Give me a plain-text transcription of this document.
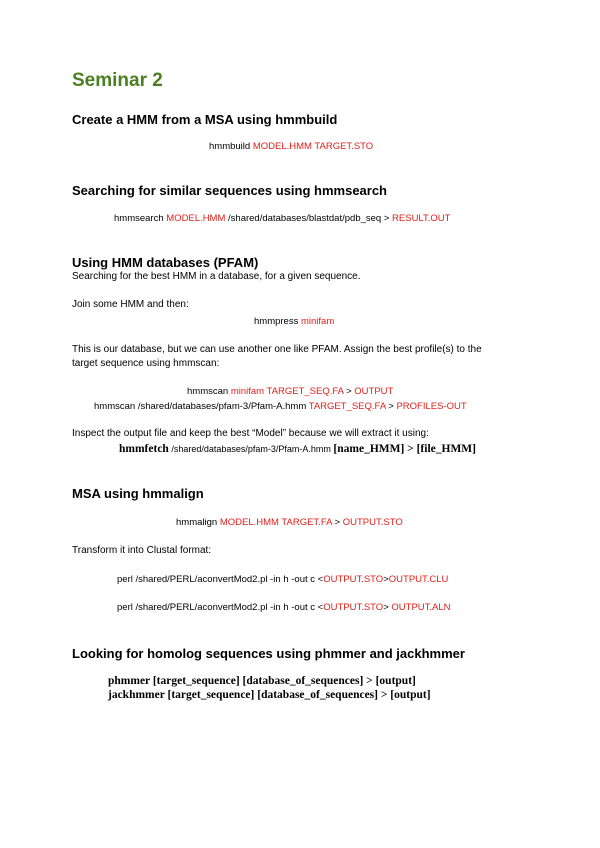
Seminar 2
Create a HMM from a MSA using hmmbuild
hmmbuild MODEL.HMM TARGET.STO
Searching for similar sequences using hmmsearch
hmmsearch MODEL.HMM /shared/databases/blastdat/pdb_seq > RESULT.OUT
Using HMM databases (PFAM)
Searching for the best HMM in a database, for a given sequence.
Join some HMM and then:
hmmpress minifam
This is our database, but we can use another one like PFAM. Assign the best profile(s) to the
target sequence using hmmscan:
hmmscan minifam TARGET_SEQ.FA > OUTPUT
hmmscan /shared/databases/pfam-3/Pfam-A.hmm TARGET_SEQ.FA > PROFILES-OUT
Inspect the output file and keep the best “Model” because we will extract it using:
hmmfetch /shared/databases/pfam-3/Pfam-A.hmm [name_HMM] > [file_HMM]
MSA using hmmalign
hmmalign MODEL.HMM TARGET.FA > OUTPUT.STO
Transform it into Clustal format:
perl /shared/PERL/aconvertMod2.pl -in h -out c <OUTPUT.STO>OUTPUT.CLU
perl /shared/PERL/aconvertMod2.pl -in h -out c <OUTPUT.STO> OUTPUT.ALN
Looking for homolog sequences using phmmer and jackhmmer
phmmer [target_sequence] [database_of_sequences] > [output]
jackhmmer [target_sequence] [database_of_sequences] > [output]
